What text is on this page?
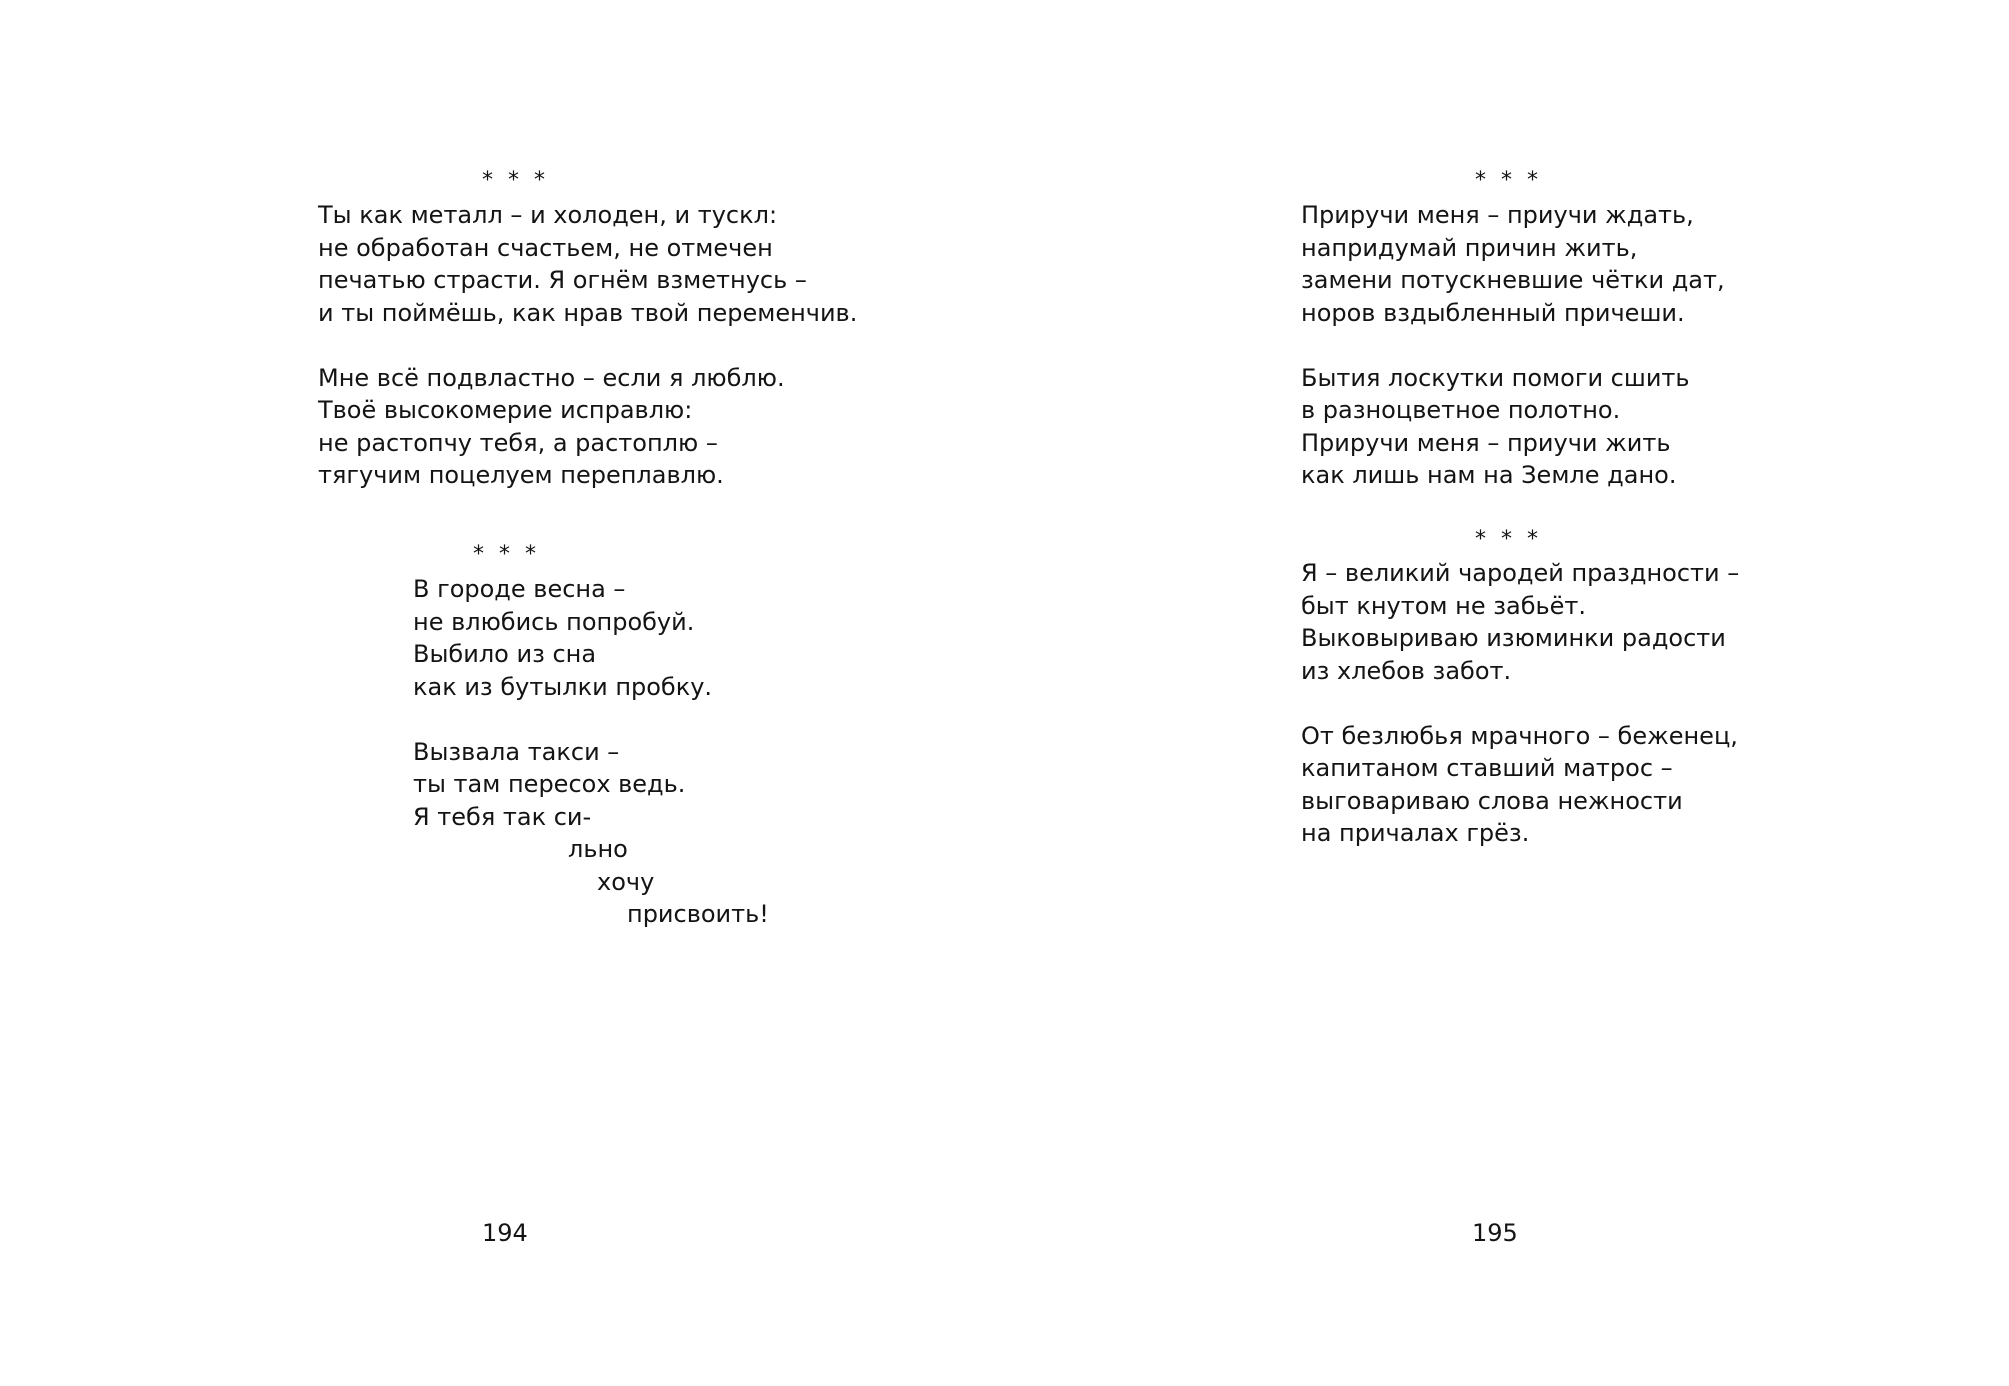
* * *
Ты как металл – и холоден, и тускл:
не обработан счастьем, не отмечен
печатью страсти. Я огнём взметнусь –
и ты поймёшь, как нрав твой переменчив.
Мне всё подвластно – если я люблю.
Твоё высокомерие исправлю:
не растопчу тебя, а растоплю –
тягучим поцелуем переплавлю.
* * *
В городе весна –
не влюбись попробуй.
Выбило из сна
как из бутылки пробку.
Вызвала такси –
ты там пересох ведь.
Я тебя так си-
льно
хочу
присвоить!
194
* * *
Приручи меня – приучи ждать,
напридумай причин жить,
замени потускневшие чётки дат,
норов вздыбленный причеши.
Бытия лоскутки помоги сшить
в разноцветное полотно.
Приручи меня – приучи жить
как лишь нам на Земле дано.
* * *
Я – великий чародей праздности –
быт кнутом не забьёт.
Выковыриваю изюминки радости
из хлебов забот.
От безлюбья мрачного – беженец,
капитаном ставший матрос –
выговариваю слова нежности
на причалах грёз.
195
